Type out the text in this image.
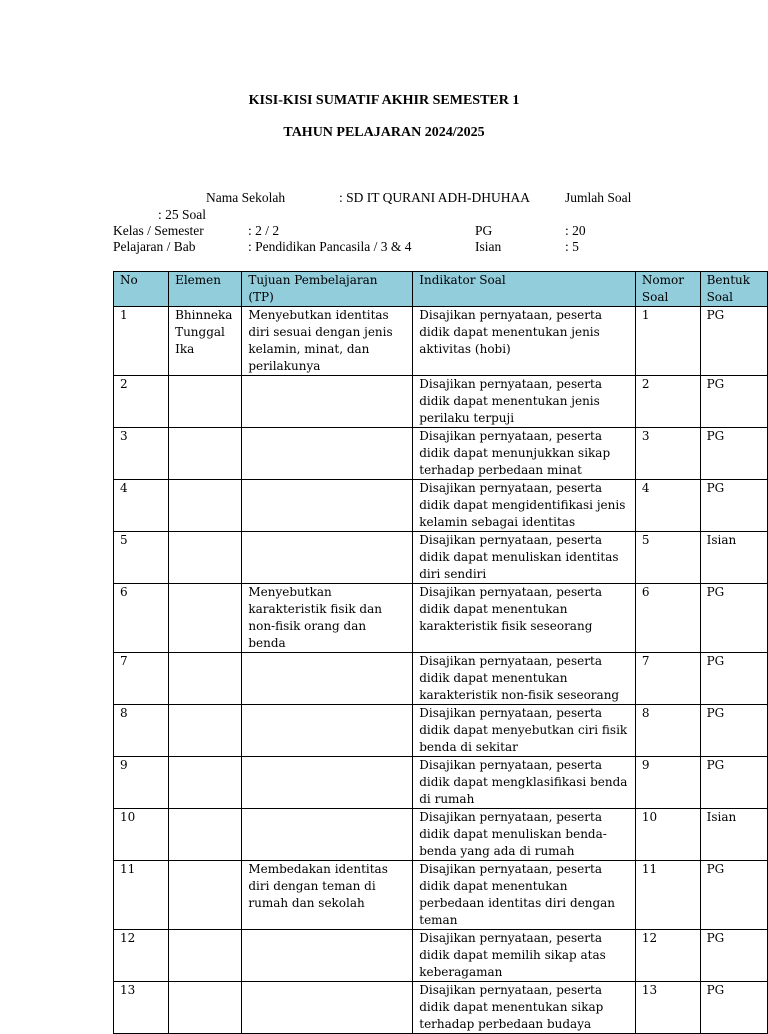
KISI-KISI SUMATIF AKHIR SEMESTER 1
TAHUN PELAJARAN 2024/2025
Nama Sekolah	: SD IT QURANI ADH-DHUHAA	Jumlah Soal
: 25 Soal
Kelas / Semester	: 2 / 2	PG	: 20
Pelajaran / Bab	: Pendidikan Pancasila / 3 & 4	Isian	: 5
No	Elemen	Tujuan Pembelajaran (TP)	Indikator Soal	Nomor Soal	Bentuk Soal
1	Bhinneka Tunggal Ika	Menyebutkan identitas diri sesuai dengan jenis kelamin, minat, dan perilakunya	Disajikan pernyataan, peserta didik dapat menentukan jenis aktivitas (hobi)	1	PG
2			Disajikan pernyataan, peserta didik dapat menentukan jenis perilaku terpuji	2	PG
3			Disajikan pernyataan, peserta didik dapat menunjukkan sikap terhadap perbedaan minat	3	PG
4			Disajikan pernyataan, peserta didik dapat mengidentifikasi jenis kelamin sebagai identitas	4	PG
5			Disajikan pernyataan, peserta didik dapat menuliskan identitas diri sendiri	5	Isian
6		Menyebutkan karakteristik fisik dan non-fisik orang dan benda	Disajikan pernyataan, peserta didik dapat menentukan karakteristik fisik seseorang	6	PG
7			Disajikan pernyataan, peserta didik dapat menentukan karakteristik non-fisik seseorang	7	PG
8			Disajikan pernyataan, peserta didik dapat menyebutkan ciri fisik benda di sekitar	8	PG
9			Disajikan pernyataan, peserta didik dapat mengklasifikasi benda di rumah	9	PG
10			Disajikan pernyataan, peserta didik dapat menuliskan benda-benda yang ada di rumah	10	Isian
11		Membedakan identitas diri dengan teman di rumah dan sekolah	Disajikan pernyataan, peserta didik dapat menentukan perbedaan identitas diri dengan teman	11	PG
12			Disajikan pernyataan, peserta didik dapat memilih sikap atas keberagaman	12	PG
13			Disajikan pernyataan, peserta didik dapat menentukan sikap terhadap perbedaan budaya	13	PG
